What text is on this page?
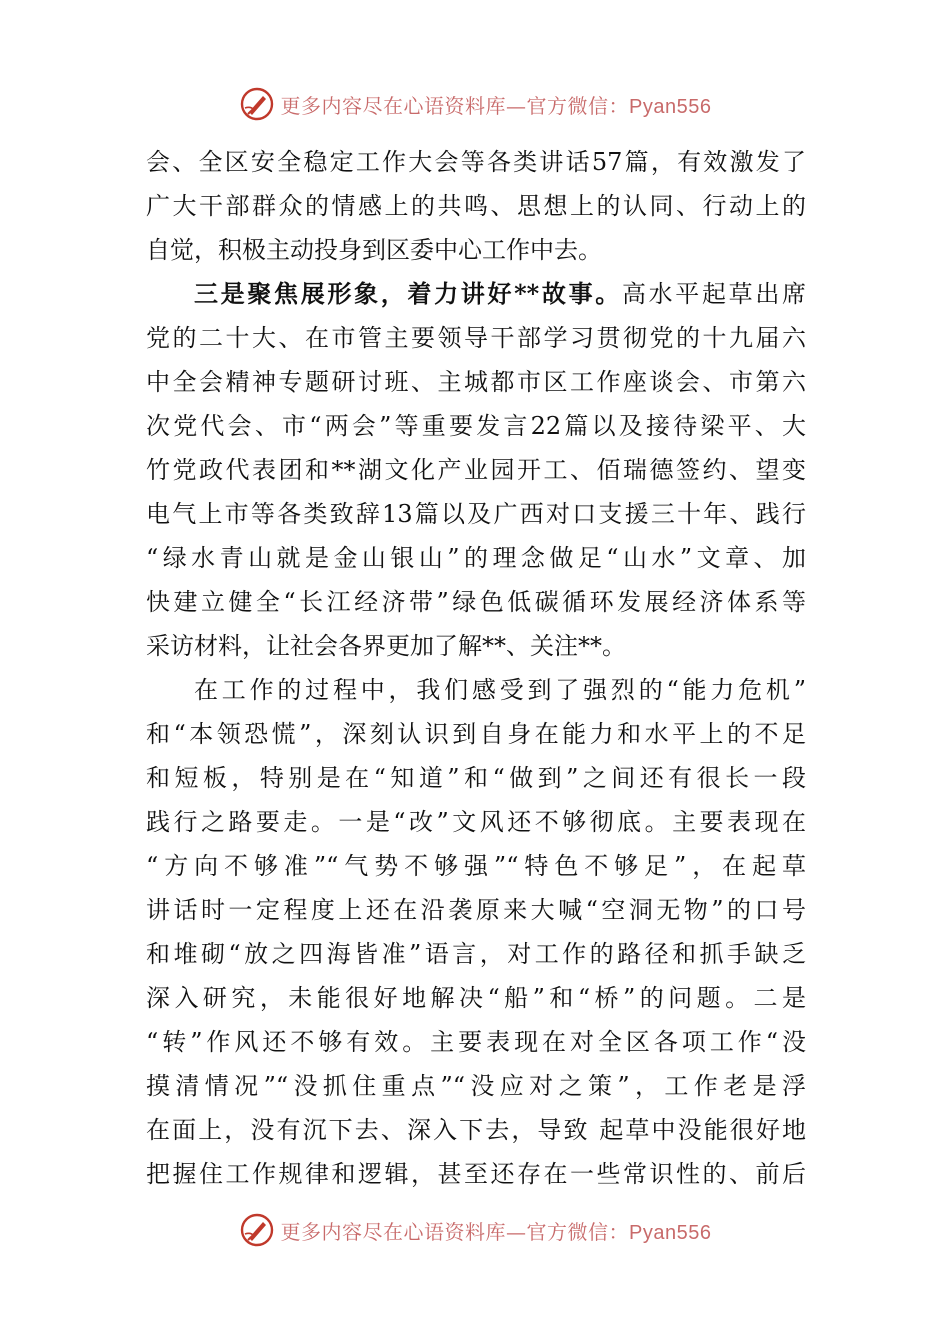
更多内容尽在心语资料库—官方微信：Pyan556
会、全区安全稳定工作大会等各类讲话57篇，有效激发了
广大干部群众的情感上的共鸣、思想上的认同、行动上的
自觉，积极主动投身到区委中心工作中去。
三是聚焦展形象，着力讲好**故事。高水平起草出席
党的二十大、在市管主要领导干部学习贯彻党的十九届六
中全会精神专题研讨班、主城都市区工作座谈会、市第六
次党代会、市“两会”等重要发言22篇以及接待梁平、大
竹党政代表团和**湖文化产业园开工、佰瑞德签约、望变
电气上市等各类致辞13篇以及广西对口支援三十年、践行
“绿水青山就是金山银山”的理念做足“山水”文章、加
快建立健全“长江经济带”绿色低碳循环发展经济体系等
采访材料，让社会各界更加了解**、关注**。
在工作的过程中，我们感受到了强烈的“能力危机”
和“本领恐慌”，深刻认识到自身在能力和水平上的不足
和短板，特别是在“知道”和“做到”之间还有很长一段
践行之路要走。一是“改”文风还不够彻底。主要表现在
“方向不够准”“气势不够强”“特色不够足”，在起草
讲话时一定程度上还在沿袭原来大喊“空洞无物”的口号
和堆砌“放之四海皆准”语言，对工作的路径和抓手缺乏
深入研究，未能很好地解决“船”和“桥”的问题。二是
“转”作风还不够有效。主要表现在对全区各项工作“没
摸清情况”“没抓住重点”“没应对之策”，工作老是浮
在面上，没有沉下去、深入下去，导致 起草中没能很好地
把握住工作规律和逻辑，甚至还存在一些常识性的、前后
更多内容尽在心语资料库—官方微信：Pyan556
